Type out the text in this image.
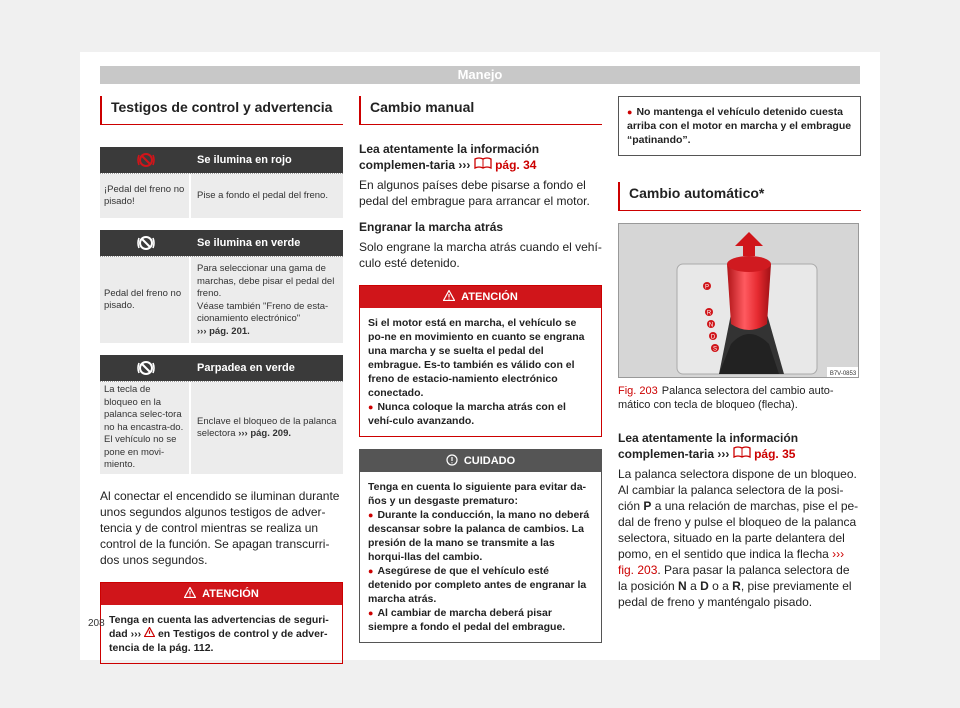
Manejo
Testigos de control y advertencia
Se ilumina en rojo
¡Pedal del freno no pisado!
Pise a fondo el pedal del freno.
Se ilumina en verde
Pedal del freno no pisado.
Para seleccionar una gama de marchas, debe pisar el pedal del freno.
Véase también "Freno de esta-cionamiento electrónico"
››› pág. 201.
Parpadea en verde
La tecla de bloqueo en la palanca selec-tora no ha encastra-do. El vehículo no se pone en movi-miento.
Enclave el bloqueo de la palanca selectora ››› pág. 209.

Al conectar el encendido se iluminan durante unos segundos algunos testigos de adver-tencia y de control mientras se realiza un control de la función. Se apagan transcurri-dos unos segundos.

ATENCIÓN
Tenga en cuenta las advertencias de seguri-dad ››› en Testigos de control y de adver-tencia de la pág. 112.
Cambio manual

Lea atentamente la información complemen-taria ››› pág. 34

En algunos países debe pisarse a fondo el pedal del embrague para arrancar el motor.

Engranar la marcha atrás

Solo engrane la marcha atrás cuando el vehí-culo esté detenido.

ATENCIÓN

Si el motor está en marcha, el vehículo se po-ne en movimiento en cuanto se engrana una marcha y se suelta el pedal del embrague. Es-to también es válido con el freno de estacio-namiento electrónico conectado.

● Nunca coloque la marcha atrás con el vehí-culo avanzando.

CUIDADO

Tenga en cuenta lo siguiente para evitar da-ños y un desgaste prematuro:

● Durante la conducción, la mano no deberá descansar sobre la palanca de cambios. La presión de la mano se transmite a las horqui-llas del cambio.

● Asegúrese de que el vehículo esté detenido por completo antes de engranar la marcha atrás.

● Al cambiar de marcha deberá pisar siempre a fondo el pedal del embrague.

● No mantenga el vehículo detenido cuesta arriba con el motor en marcha y el embrague “patinando”.

Cambio automático*
P
R
N
D
S
B7V-0853

Fig. 203 Palanca selectora del cambio auto-mático con tecla de bloqueo (flecha).

Lea atentamente la información complemen-taria ››› pág. 35

La palanca selectora dispone de un bloqueo. Al cambiar la palanca selectora de la posi-ción P a una relación de marchas, pise el pe-dal de freno y pulse el bloqueo de la palanca selectora, situado en la parte delantera del pomo, en el sentido que indica la flecha ››› fig. 203. Para pasar la palanca selectora de la posición N a D o a R, pise previamente el pedal de freno y manténgalo pisado.

208
